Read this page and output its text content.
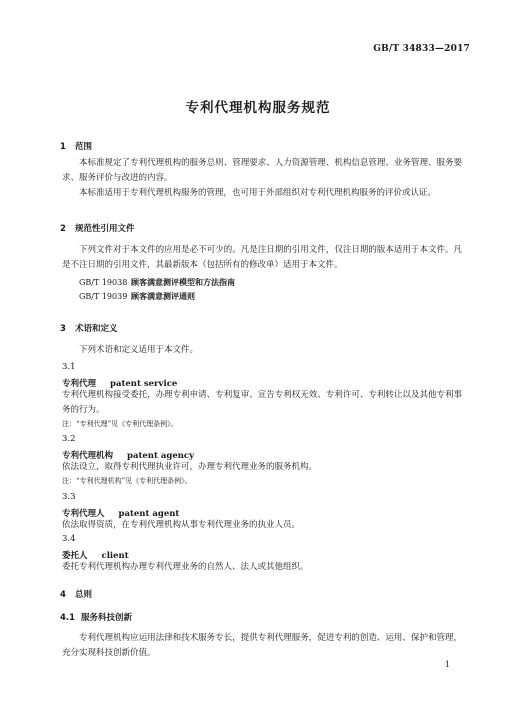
GB/T 34833—2017
专利代理机构服务规范
1 范围

本标准规定了专利代理机构的服务总则、管理要求、人力资源管理、机构信息管理、业务管理、服务要求、服务评价与改进的内容。

本标准适用于专利代理机构服务的管理，也可用于外部组织对专利代理机构服务的评价或认证。

2 规范性引用文件

下列文件对于本文件的应用是必不可少的。凡是注日期的引用文件，仅注日期的版本适用于本文件。凡是不注日期的引用文件，其最新版本（包括所有的修改单）适用于本文件。

GB/T 19038 顾客满意测评模型和方法指南
GB/T 19039 顾客满意测评通则
3 术语和定义

下列术语和定义适用于本文件。

3.1
专利代理 patent service

专利代理机构接受委托，办理专利申请、专利复审、宣告专利权无效、专利许可、专利转让以及其他专利事务的行为。

注：“专利代理”见《专利代理条例》。
3.2
专利代理机构 patent agency

依法设立，取得专利代理执业许可，办理专利代理业务的服务机构。

注：“专利代理机构”见《专利代理条例》。
3.3
专利代理人 patent agent

依法取得资质，在专利代理机构从事专利代理业务的执业人员。

3.4
委托人 client

委托专利代理机构办理专利代理业务的自然人、法人或其他组织。

4 总则
4.1 服务科技创新

专利代理机构应运用法律和技术服务专长，提供专利代理服务，促进专利的创造、运用、保护和管理，充分实现科技创新价值。

1
